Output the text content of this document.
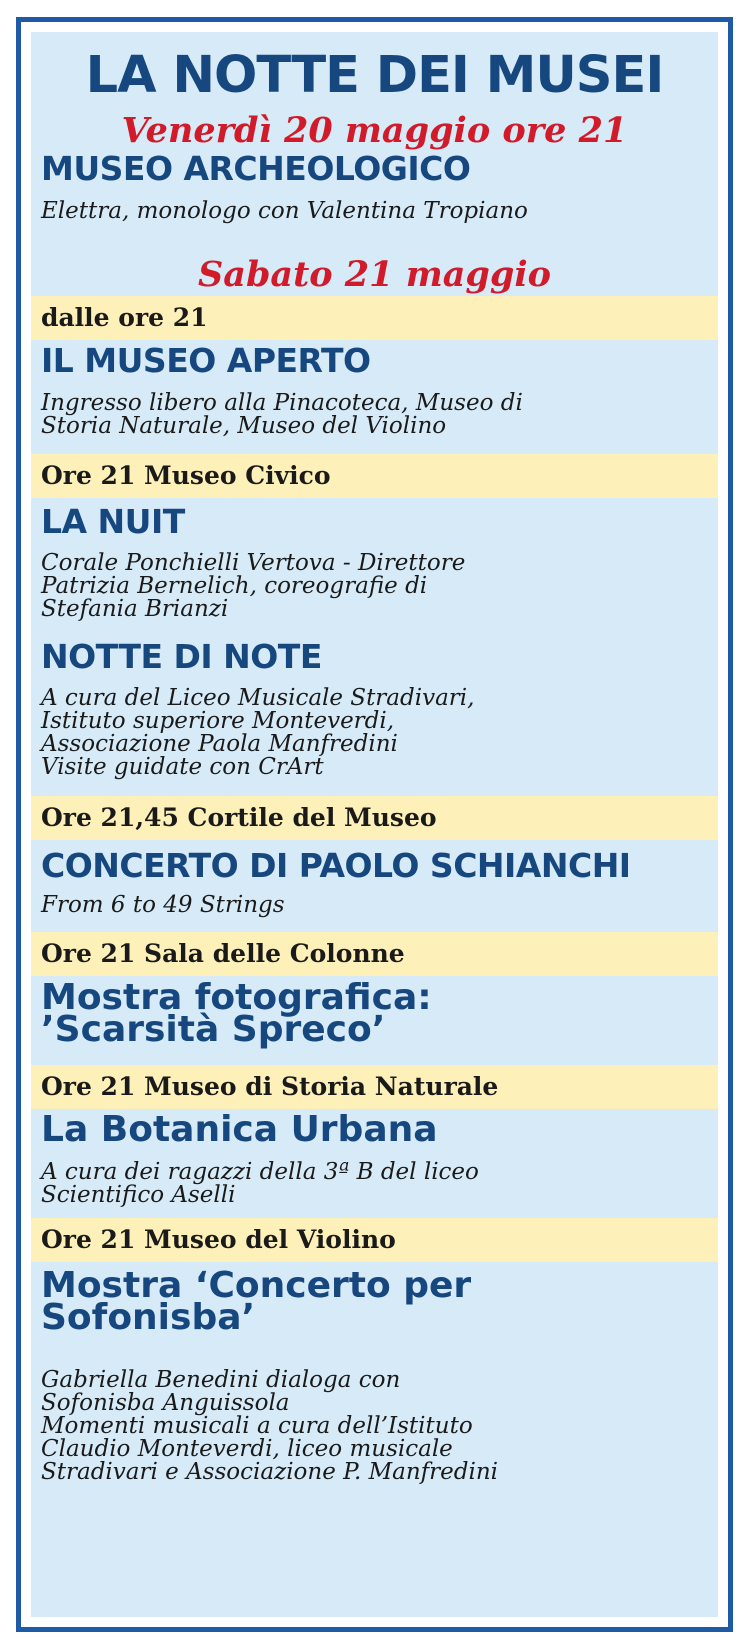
LA NOTTE DEI MUSEI
Venerdì 20 maggio ore 21
MUSEO ARCHEOLOGICO
Elettra, monologo con Valentina Tropiano
Sabato 21 maggio
dalle ore 21
IL MUSEO APERTO
Ingresso libero alla Pinacoteca, Museo di
Storia Naturale, Museo del Violino
Ore 21 Museo Civico
LA NUIT
Corale Ponchielli Vertova - Direttore
Patrizia Bernelich, coreografie di
Stefania Brianzi
NOTTE DI NOTE
A cura del Liceo Musicale Stradivari,
Istituto superiore Monteverdi,
Associazione Paola Manfredini
Visite guidate con CrArt
Ore 21,45 Cortile del Museo
CONCERTO DI PAOLO SCHIANCHI
From 6 to 49 Strings
Ore 21 Sala delle Colonne
Mostra fotografica:
’Scarsità Spreco’
Ore 21 Museo di Storia Naturale
La Botanica Urbana
A cura dei ragazzi della 3ª B del liceo
Scientifico Aselli
Ore 21 Museo del Violino
Mostra ‘Concerto per
Sofonisba’
Gabriella Benedini dialoga con
Sofonisba Anguissola
Momenti musicali a cura dell’Istituto
Claudio Monteverdi, liceo musicale
Stradivari e Associazione P. Manfredini
